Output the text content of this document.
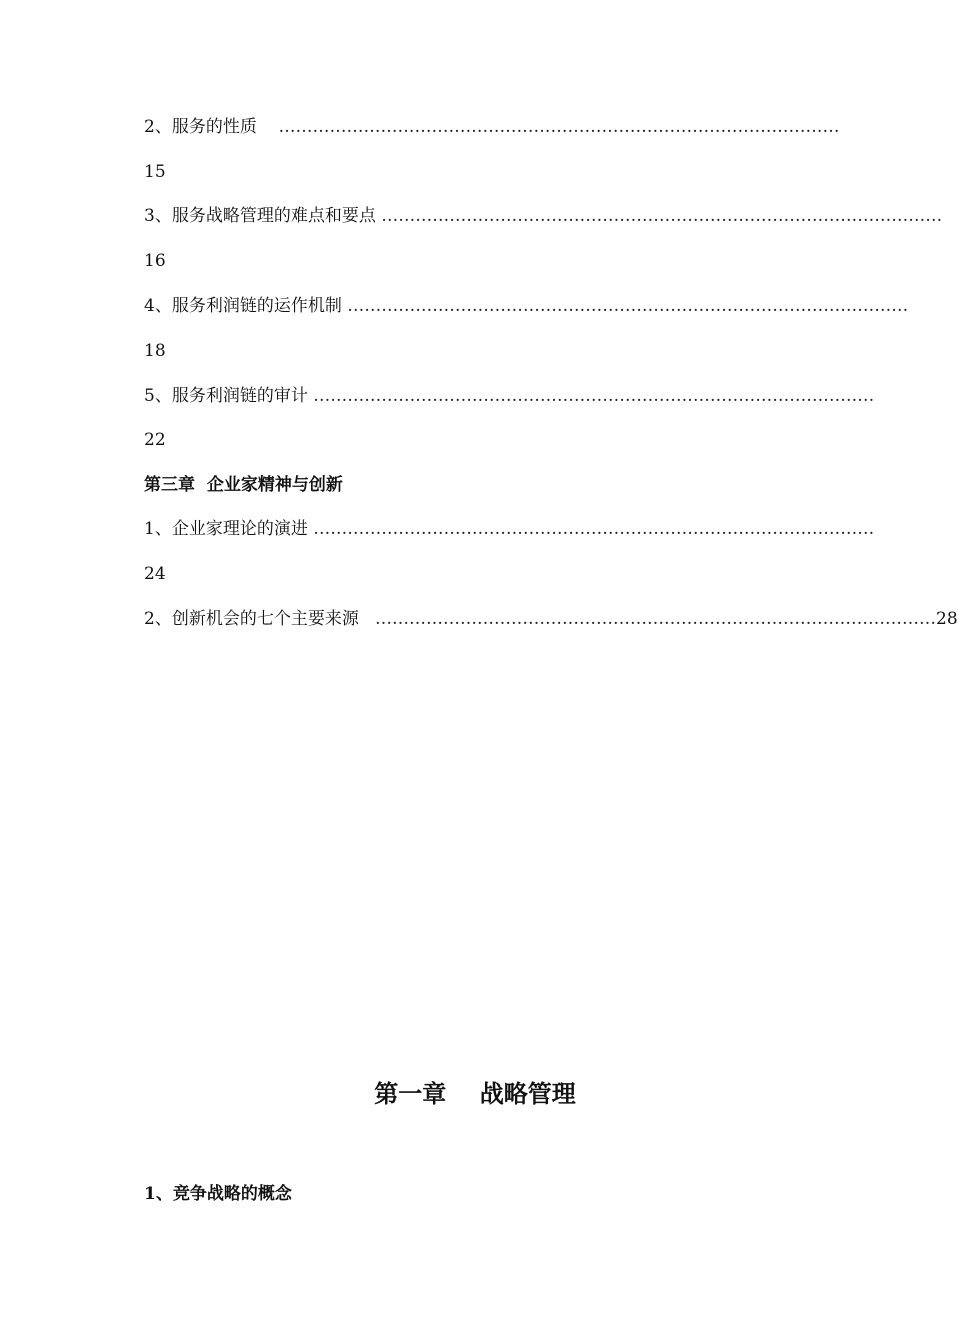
2、服务的性质
………………………………………………………………………………………
15
3、服务战略管理的难点和要点
………………………………………………………………………………………
16
4、服务利润链的运作机制
………………………………………………………………………………………
18
5、服务利润链的审计
………………………………………………………………………………………
22
第三章  企业家精神与创新
1、企业家理论的演进
………………………………………………………………………………………
24
2、创新机会的七个主要来源
……………………………………………………………………………………… 28
第一章    战略管理
1、竞争战略的概念
